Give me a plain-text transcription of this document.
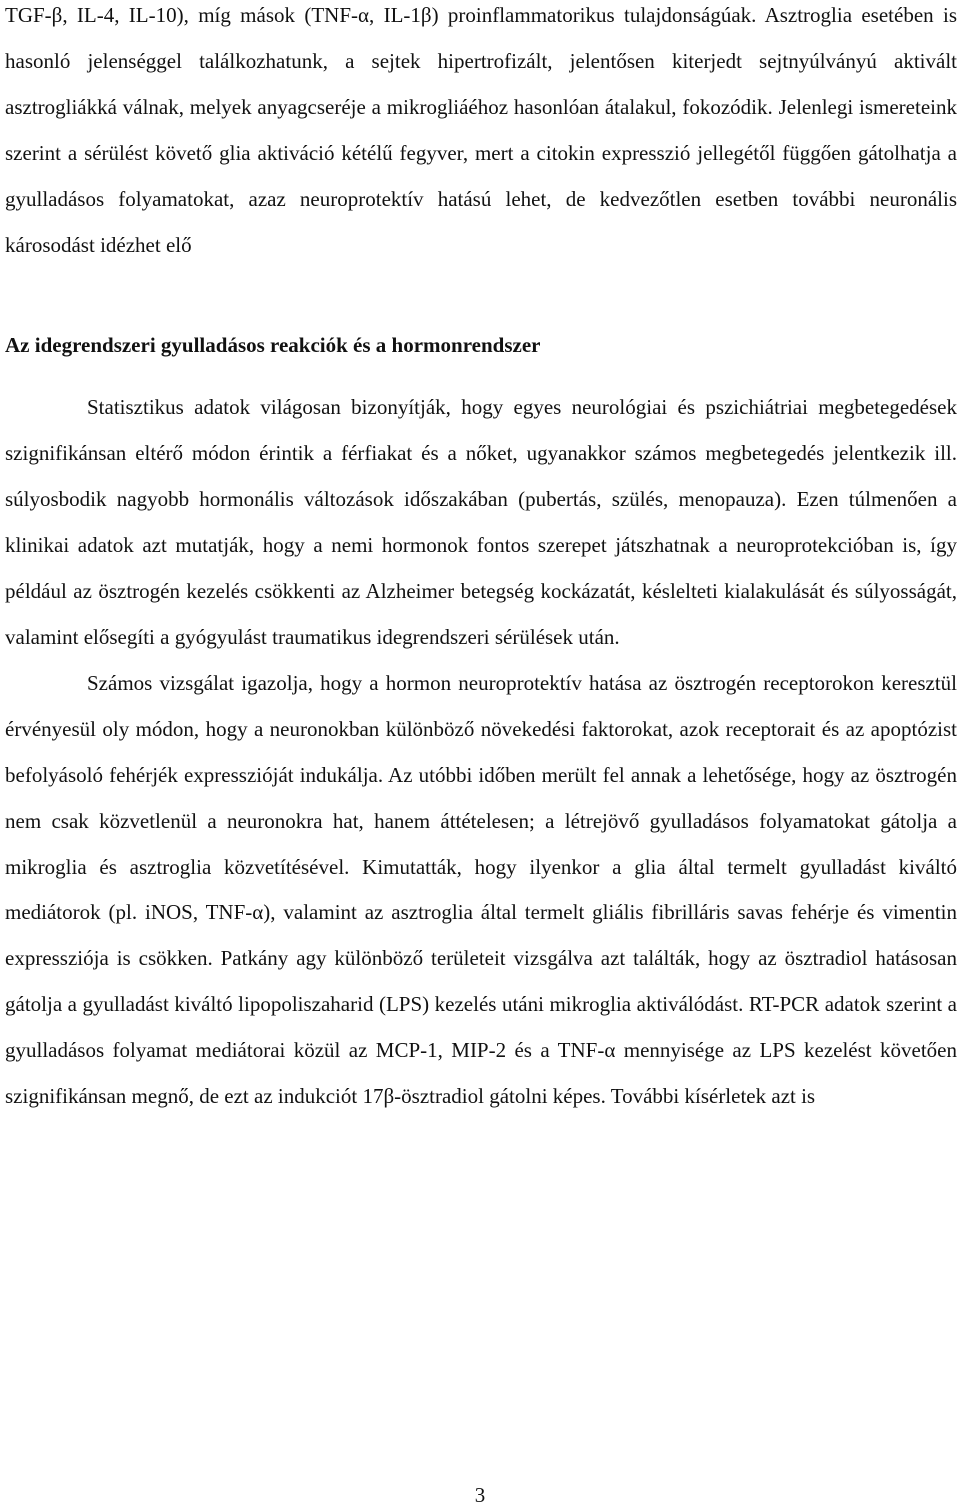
TGF-β, IL-4, IL-10), míg mások (TNF-α, IL-1β) proinflammatorikus tulajdonságúak. Asztroglia esetében is hasonló jelenséggel találkozhatunk, a sejtek hipertrofizált, jelentősen kiterjedt sejtnyúlványú aktivált asztrogliákká válnak, melyek anyagcseréje a mikrogliáéhoz hasonlóan átalakul, fokozódik. Jelenlegi ismereteink szerint a sérülést követő glia aktiváció kétélű fegyver, mert a citokin expresszió jellegétől függően gátolhatja a gyulladásos folyamatokat, azaz neuroprotektív hatású lehet, de kedvezőtlen esetben további neuronális károsodást idézhet elő

Az idegrendszeri gyulladásos reakciók és a hormonrendszer

Statisztikus adatok világosan bizonyítják, hogy egyes neurológiai és pszichiátriai megbetegedések szignifikánsan eltérő módon érintik a férfiakat és a nőket, ugyanakkor számos megbetegedés jelentkezik ill. súlyosbodik nagyobb hormonális változások időszakában (pubertás, szülés, menopauza). Ezen túlmenően a klinikai adatok azt mutatják, hogy a nemi hormonok fontos szerepet játszhatnak a neuroprotekcióban is, így például az ösztrogén kezelés csökkenti az Alzheimer betegség kockázatát, késlelteti kialakulását és súlyosságát, valamint elősegíti a gyógyulást traumatikus idegrendszeri sérülések után.

Számos vizsgálat igazolja, hogy a hormon neuroprotektív hatása az ösztrogén receptorokon keresztül érvényesül oly módon, hogy a neuronokban különböző növekedési faktorokat, azok receptorait és az apoptózist befolyásoló fehérjék expresszióját indukálja. Az utóbbi időben merült fel annak a lehetősége, hogy az ösztrogén nem csak közvetlenül a neuronokra hat, hanem áttételesen; a létrejövő gyulladásos folyamatokat gátolja a mikroglia és asztroglia közvetítésével. Kimutatták, hogy ilyenkor a glia által termelt gyulladást kiváltó mediátorok (pl. iNOS, TNF-α), valamint az asztroglia által termelt gliális fibrilláris savas fehérje és vimentin expressziója is csökken. Patkány agy különböző területeit vizsgálva azt találták, hogy az ösztradiol hatásosan gátolja a gyulladást kiváltó lipopoliszaharid (LPS) kezelés utáni mikroglia aktiválódást. RT-PCR adatok szerint a gyulladásos folyamat mediátorai közül az MCP-1, MIP-2 és a TNF-α mennyisége az LPS kezelést követően szignifikánsan megnő, de ezt az indukciót 17β-ösztradiol gátolni képes. További kísérletek azt is

3
